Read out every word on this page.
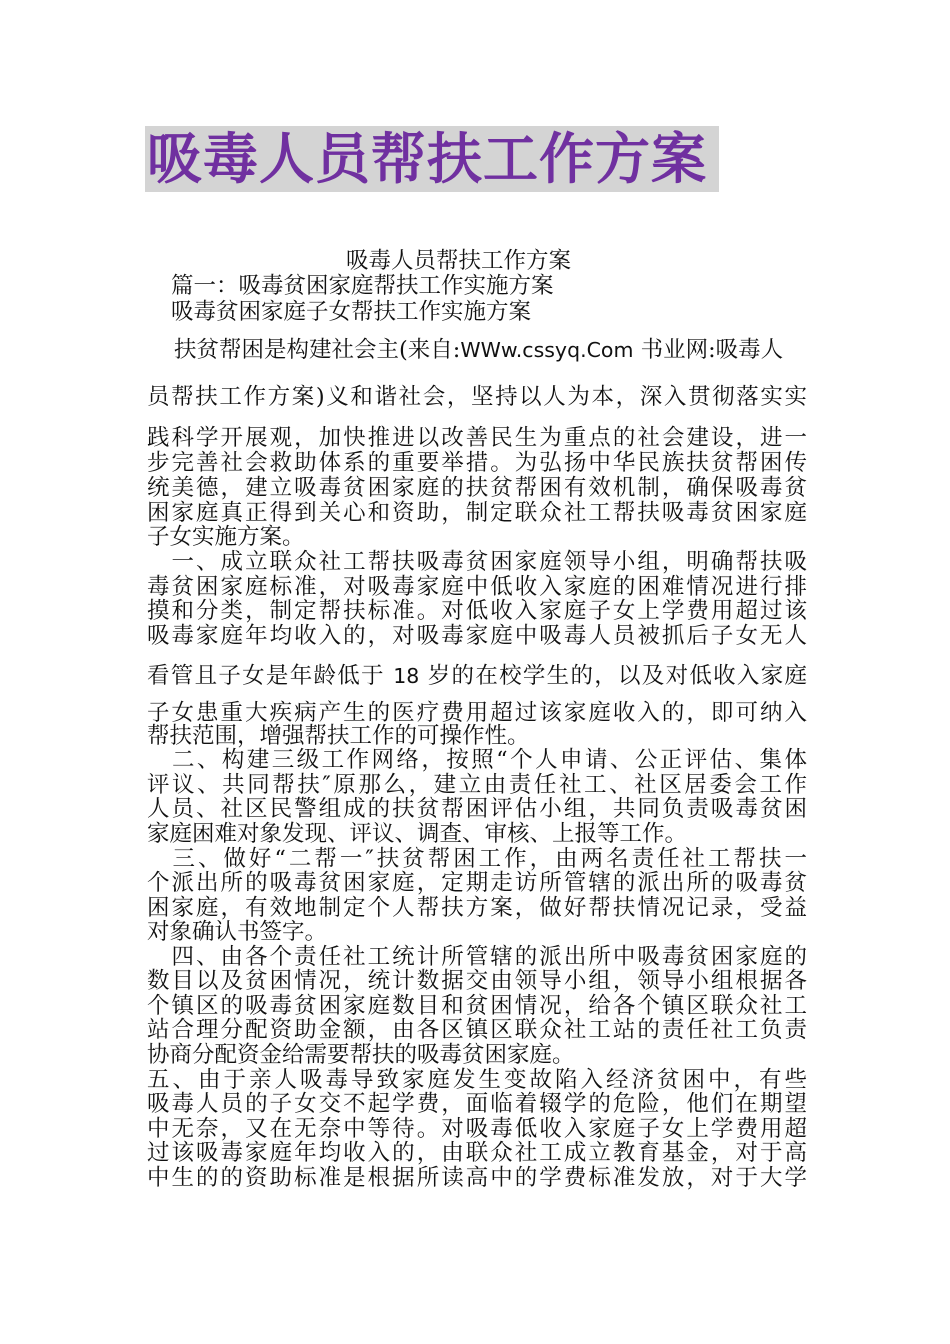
吸毒人员帮扶工作方案
吸毒人员帮扶工作方案
篇一：吸毒贫困家庭帮扶工作实施方案
吸毒贫困家庭子女帮扶工作实施方案
扶贫帮困是构建社会主(来自:WWw.cssyq.Com 书业网:吸毒人
员帮扶工作方案)义和谐社会，坚持以人为本，深入贯彻落实实
践科学开展观，加快推进以改善民生为重点的社会建设，进一
步完善社会救助体系的重要举措。为弘扬中华民族扶贫帮困传
统美德，建立吸毒贫困家庭的扶贫帮困有效机制，确保吸毒贫
困家庭真正得到关心和资助，制定联众社工帮扶吸毒贫困家庭
子女实施方案。
　一、成立联众社工帮扶吸毒贫困家庭领导小组，明确帮扶吸
毒贫困家庭标准，对吸毒家庭中低收入家庭的困难情况进行排
摸和分类，制定帮扶标准。对低收入家庭子女上学费用超过该
吸毒家庭年均收入的，对吸毒家庭中吸毒人员被抓后子女无人
看管且子女是年龄低于 18 岁的在校学生的，以及对低收入家庭
子女患重大疾病产生的医疗费用超过该家庭收入的，即可纳入
帮扶范围，增强帮扶工作的可操作性。
　二、构建三级工作网络，按照“个人申请、公正评估、集体
评议、共同帮扶″原那么，建立由责任社工、社区居委会工作
人员、社区民警组成的扶贫帮困评估小组，共同负责吸毒贫困
家庭困难对象发现、评议、调查、审核、上报等工作。
　三、做好“二帮一″扶贫帮困工作，由两名责任社工帮扶一
个派出所的吸毒贫困家庭，定期走访所管辖的派出所的吸毒贫
困家庭，有效地制定个人帮扶方案，做好帮扶情况记录，受益
对象确认书签字。
　四、由各个责任社工统计所管辖的派出所中吸毒贫困家庭的
数目以及贫困情况，统计数据交由领导小组，领导小组根据各
个镇区的吸毒贫困家庭数目和贫困情况，给各个镇区联众社工
站合理分配资助金额，由各区镇区联众社工站的责任社工负责
协商分配资金给需要帮扶的吸毒贫困家庭。
五、由于亲人吸毒导致家庭发生变故陷入经济贫困中，有些
吸毒人员的子女交不起学费，面临着辍学的危险，他们在期望
中无奈，又在无奈中等待。对吸毒低收入家庭子女上学费用超
过该吸毒家庭年均收入的，由联众社工成立教育基金，对于高
中生的的资助标准是根据所读高中的学费标准发放，对于大学
